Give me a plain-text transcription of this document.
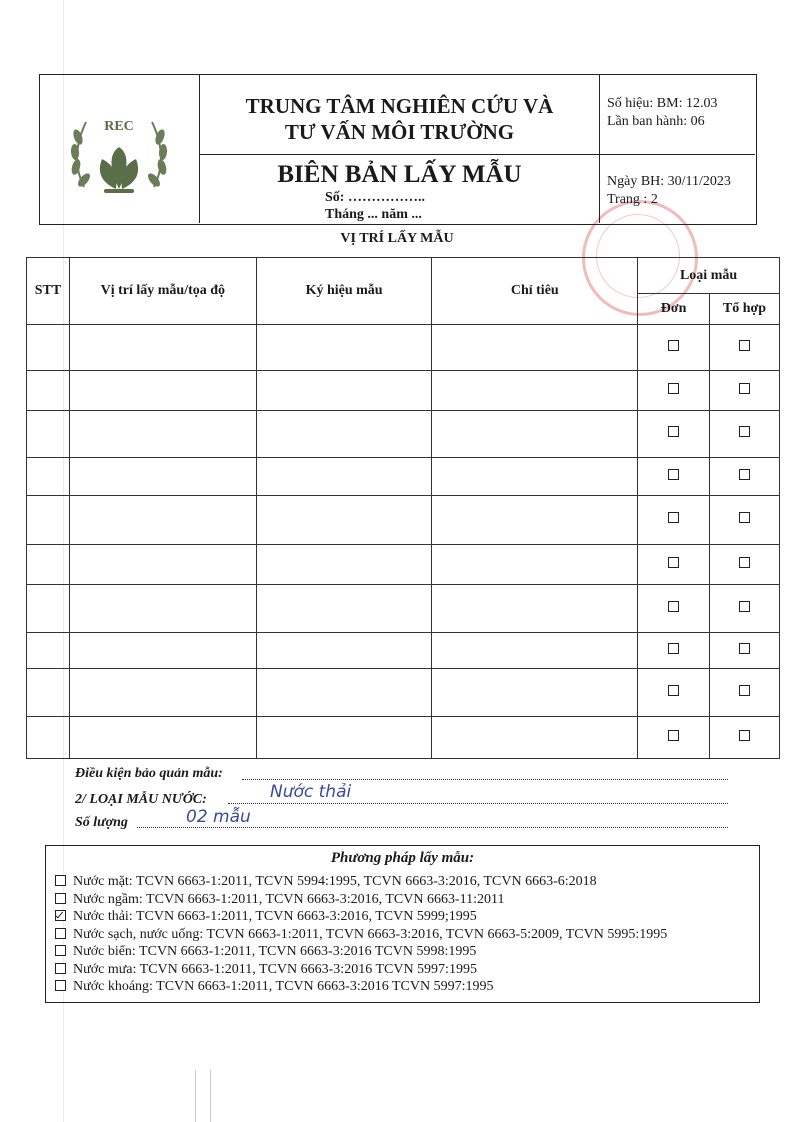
REC
TRUNG TÂM NGHIÊN CỨU VÀ
TƯ VẤN MÔI TRƯỜNG
BIÊN BẢN LẤY MẪU
Số: ……………..
Tháng ... năm ...
Số hiệu: BM: 12.03
Lần ban hành: 06
Ngày BH: 30/11/2023
Trang : 2
VỊ TRÍ LẤY MẪU
STT	Vị trí lấy mẫu/tọa độ	Ký hiệu mẫu	Chỉ tiêu	Loại mẫu	
				Đơn	Tổ hợp

Điều kiện bảo quản mẫu:
2/ LOẠI MẪU NƯỚC:	Nước thải
Số lượng	02 mẫu
Phương pháp lấy mẫu:
Nước mặt: TCVN 6663-1:2011, TCVN 5994:1995, TCVN 6663-3:2016, TCVN 6663-6:2018
Nước ngầm: TCVN 6663-1:2011, TCVN 6663-3:2016, TCVN 6663-11:2011
Nước thải: TCVN 6663-1:2011, TCVN 6663-3:2016, TCVN 5999;1995
Nước sạch, nước uống: TCVN 6663-1:2011, TCVN 6663-3:2016, TCVN 6663-5:2009, TCVN 5995:1995
Nước biển: TCVN 6663-1:2011, TCVN 6663-3:2016 TCVN 5998:1995
Nước mưa: TCVN 6663-1:2011, TCVN 6663-3:2016 TCVN 5997:1995
Nước khoáng: TCVN 6663-1:2011, TCVN 6663-3:2016 TCVN 5997:1995
